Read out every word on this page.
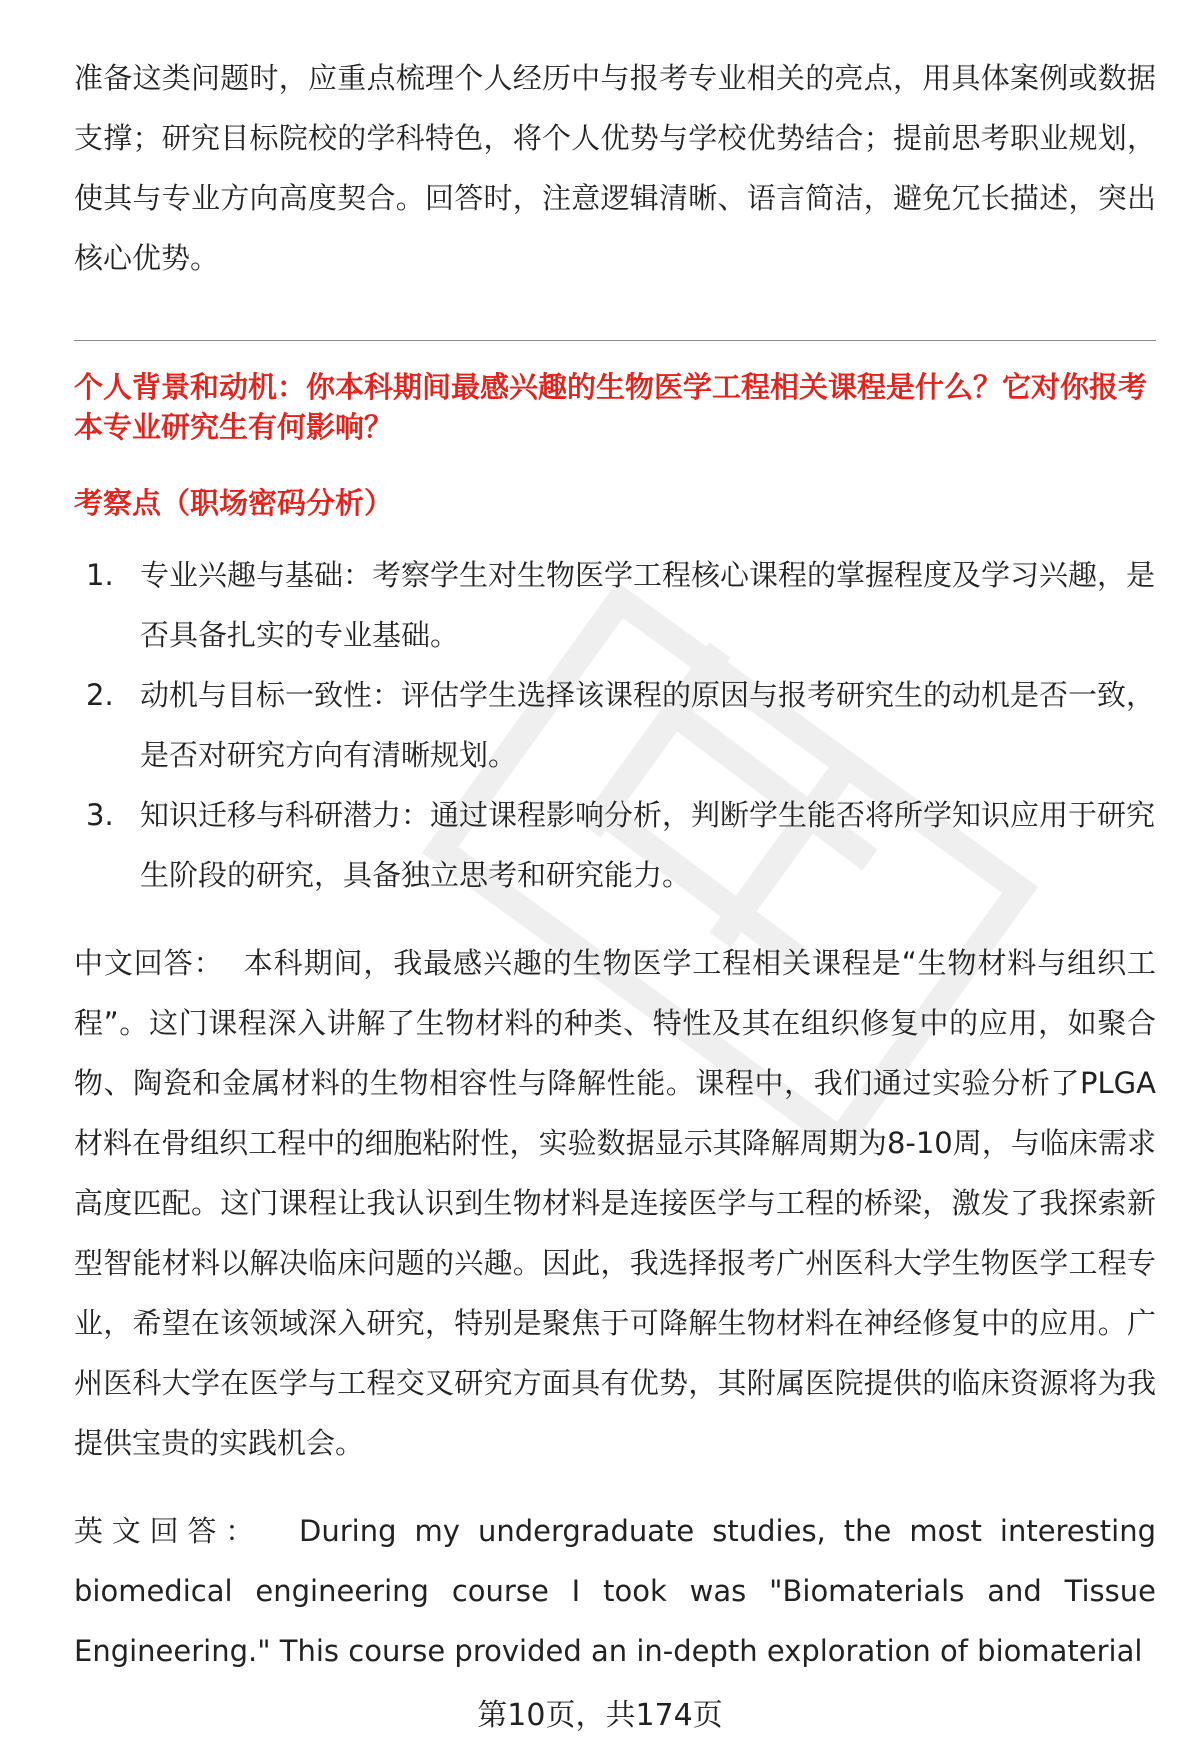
准备这类问题时，应重点梳理个人经历中与报考专业相关的亮点，用具体案例或数据支撑；研究目标院校的学科特色，将个人优势与学校优势结合；提前思考职业规划，使其与专业方向高度契合。回答时，注意逻辑清晰、语言简洁，避免冗长描述，突出核心优势。

个人背景和动机：你本科期间最感兴趣的生物医学工程相关课程是什么？它对你报考本专业研究生有何影响？

考察点（职场密码分析）

1. 专业兴趣与基础：考察学生对生物医学工程核心课程的掌握程度及学习兴趣，是否具备扎实的专业基础。
2. 动机与目标一致性：评估学生选择该课程的原因与报考研究生的动机是否一致，是否对研究方向有清晰规划。
3. 知识迁移与科研潜力：通过课程影响分析，判断学生能否将所学知识应用于研究生阶段的研究，具备独立思考和研究能力。

中文回答： 本科期间，我最感兴趣的生物医学工程相关课程是“生物材料与组织工程”。这门课程深入讲解了生物材料的种类、特性及其在组织修复中的应用，如聚合物、陶瓷和金属材料的生物相容性与降解性能。课程中，我们通过实验分析了PLGA材料在骨组织工程中的细胞粘附性，实验数据显示其降解周期为8-10周，与临床需求高度匹配。这门课程让我认识到生物材料是连接医学与工程的桥梁，激发了我探索新型智能材料以解决临床问题的兴趣。因此，我选择报考广州医科大学生物医学工程专业，希望在该领域深入研究，特别是聚焦于可降解生物材料在神经修复中的应用。广州医科大学在医学与工程交叉研究方面具有优势，其附属医院提供的临床资源将为我提供宝贵的实践机会。

英文回答： During my undergraduate studies, the most interesting biomedical engineering course I took was "Biomaterials and Tissue Engineering." This course provided an in-depth exploration of biomaterial

第10页，共174页
